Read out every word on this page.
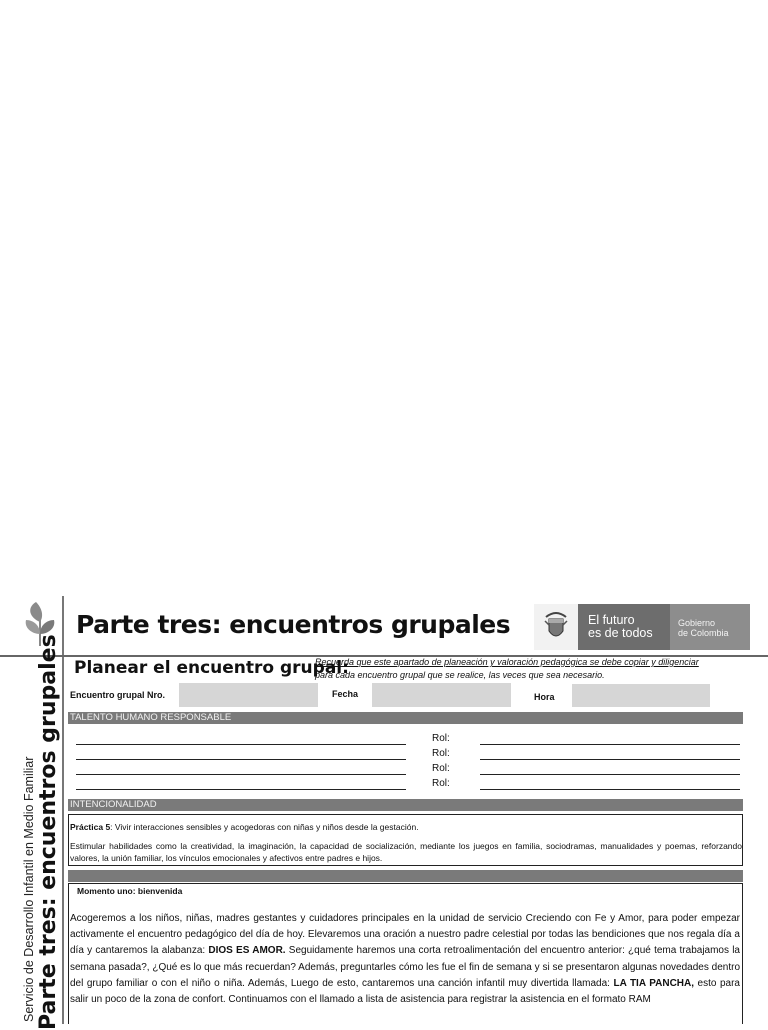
Parte tres: encuentros grupales	El futuro
es de todos
Gobierno
de Colombia
Servicio de Desarrollo Infantil en Medio Familiar Parte tres: encuentros grupales Planear el encuentro grupal:
Recuerda que este apartado de planeación y valoración pedagógica se debe copiar y diligenciar
para cada encuentro grupal que se realice, las veces que sea necesario.
Encuentro grupal Nro.	Fecha	Hora
TALENTO HUMANO RESPONSABLE
Rol:
Rol:
Rol:
Rol:
INTENCIONALIDAD
Práctica 5: Vivir interacciones sensibles y acogedoras con niñas y niños desde la gestación.
Estimular habilidades como la creatividad, la imaginación, la capacidad de socialización, mediante los juegos en familia, sociodramas, manualidades y poemas, reforzando valores, la unión familiar, los vínculos emocionales y afectivos entre padres e hijos.
Momento uno: bienvenida
Acogeremos a los niños, niñas, madres gestantes y cuidadores principales en la unidad de servicio Creciendo con Fe y Amor, para poder empezar activamente el encuentro pedagógico del día de hoy. Elevaremos una oración a nuestro padre celestial por todas las bendiciones que nos regala día a día y cantaremos la alabanza: DIOS ES AMOR. Seguidamente haremos una corta retroalimentación del encuentro anterior: ¿qué tema trabajamos la semana pasada?, ¿Qué es lo que más recuerdan? Además, preguntarles cómo les fue el fin de semana y si se presentaron algunas novedades dentro del grupo familiar o con el niño o niña. Además, Luego de esto, cantaremos una canción infantil muy divertida llamada: LA TIA PANCHA, esto para salir un poco de la zona de confort. Continuamos con el llamado a lista de asistencia para registrar la asistencia en el formato RAM
